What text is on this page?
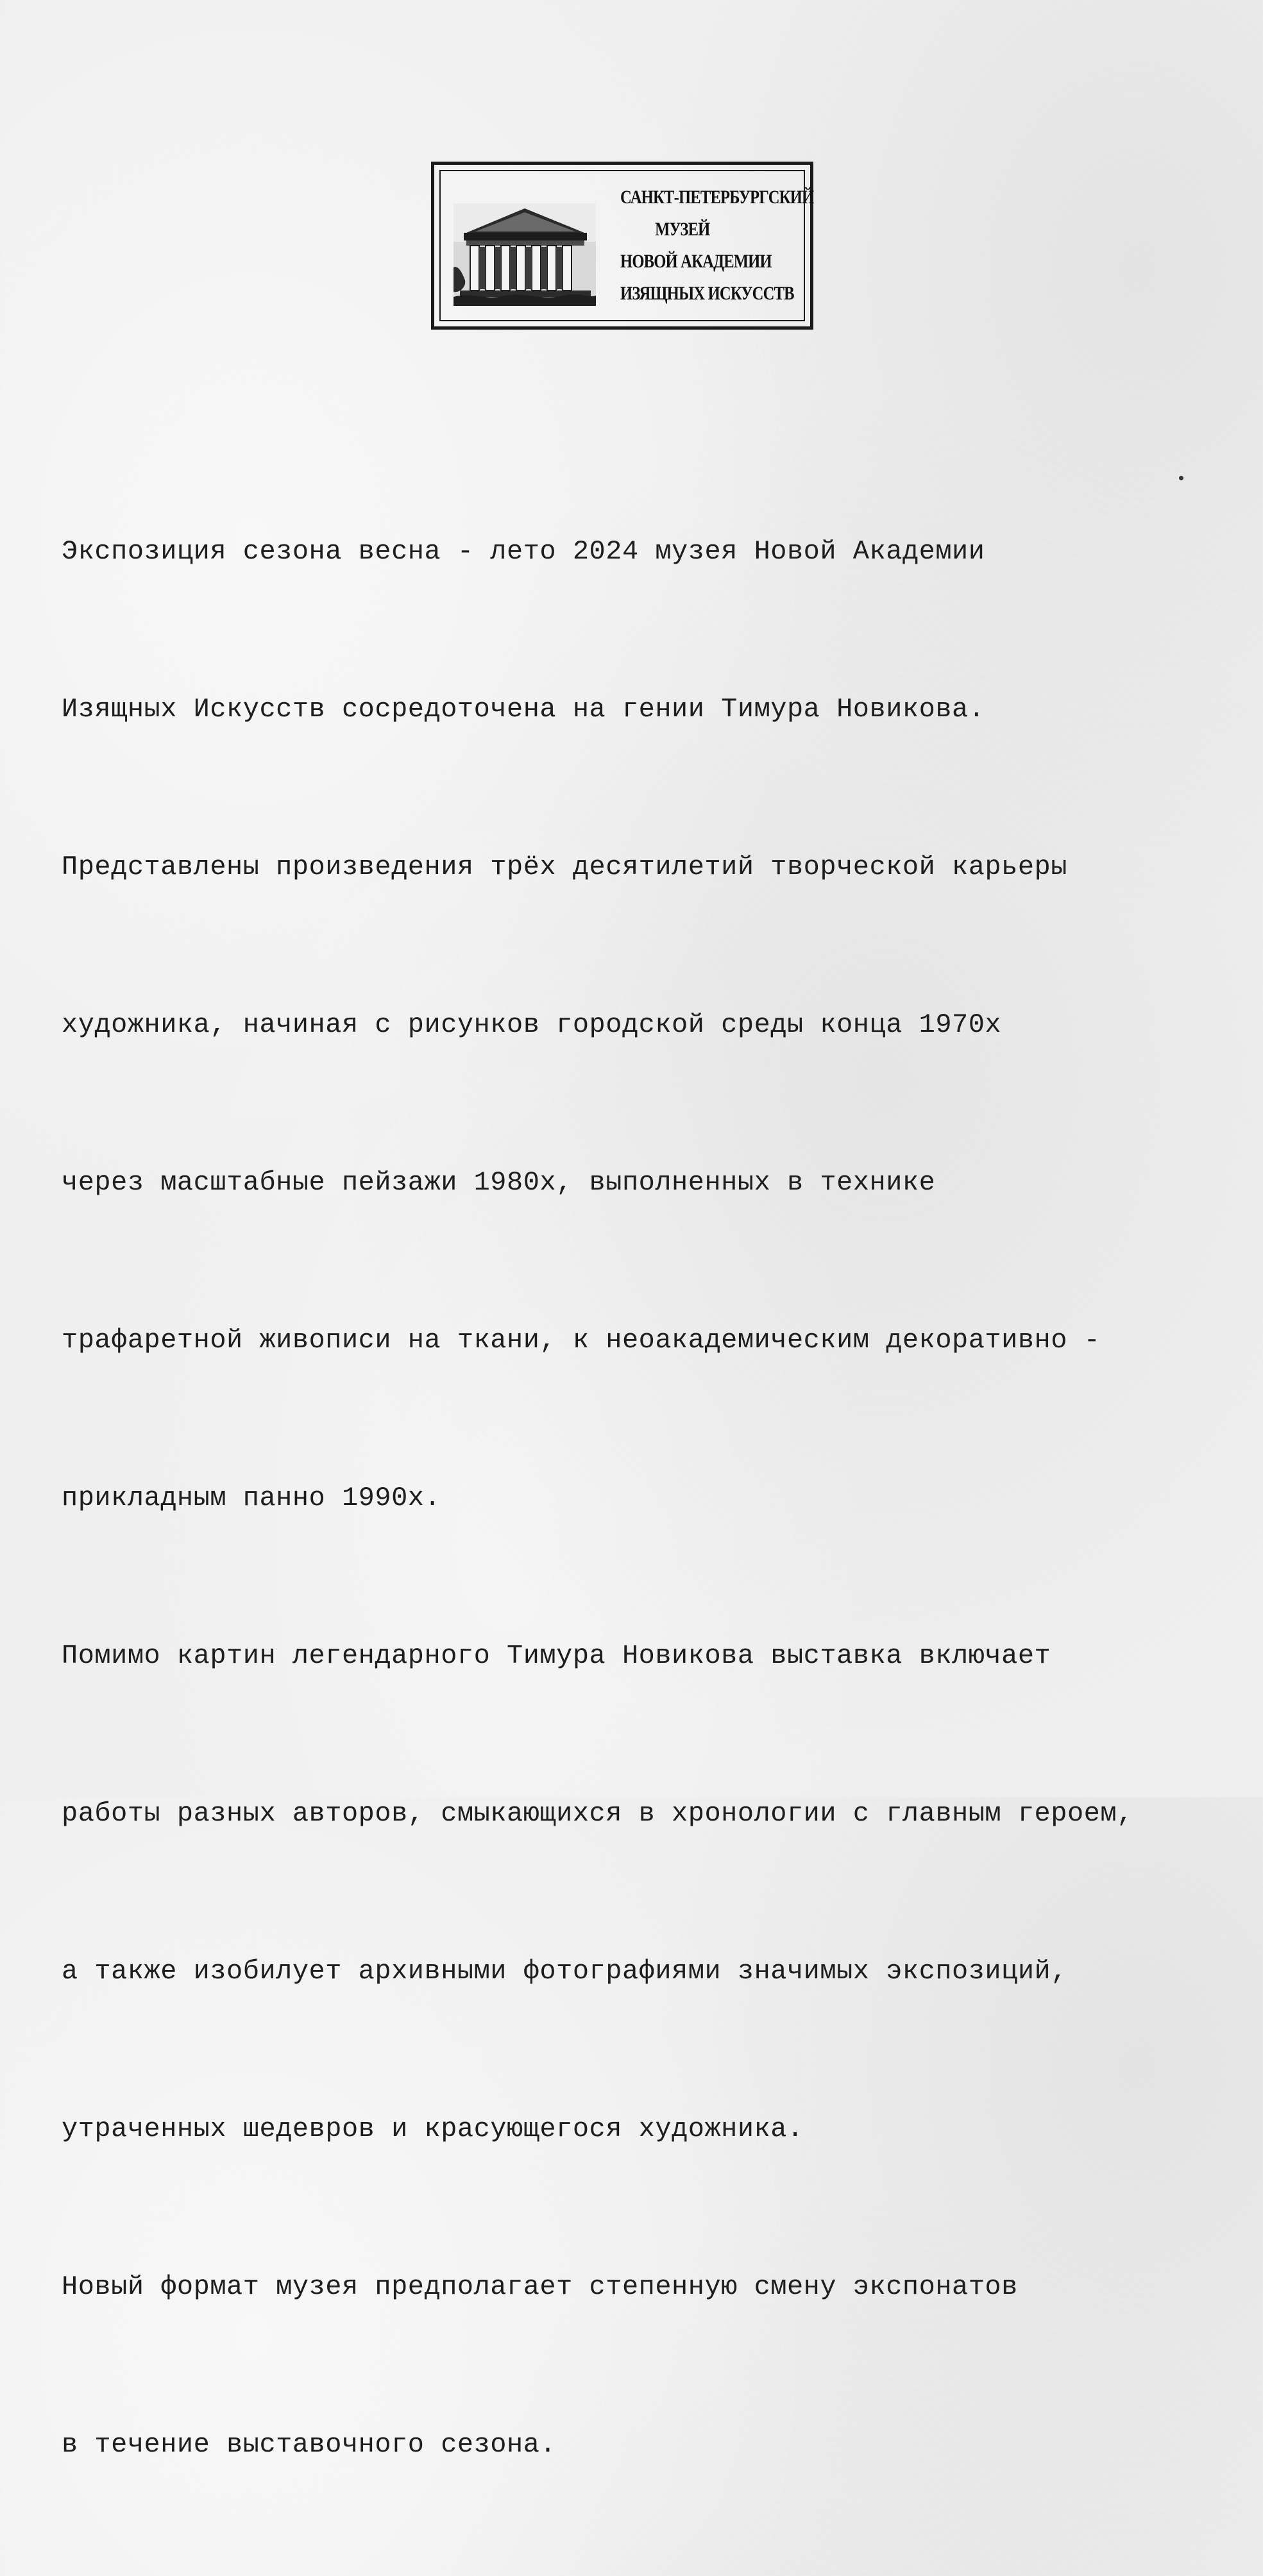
САНКТ-ПЕТЕРБУРГСКИЙ
МУЗЕЙ
НОВОЙ АКАДЕМИИ
ИЗЯЩНЫХ ИСКУССТВ

Экспозиция сезона весна - лето 2024 музея Новой Академии

Изящных Искусств сосредоточена на гении Тимура Новикова.

Представлены произведения трёх десятилетий творческой карьеры

художника, начиная с рисунков городской среды конца 1970х

через масштабные пейзажи 1980х, выполненных в технике

трафаретной живописи на ткани, к неоакадемическим декоративно -

прикладным панно 1990х.

Помимо картин легендарного Тимура Новикова выставка включает

работы разных авторов, смыкающихся в хронологии с главным героем,

а также изобилует архивными фотографиями значимых экспозиций,

утраченных шедевров и красующегося художника.

Новый формат музея предполагает степенную смену экспонатов

в течение выставочного сезона.
